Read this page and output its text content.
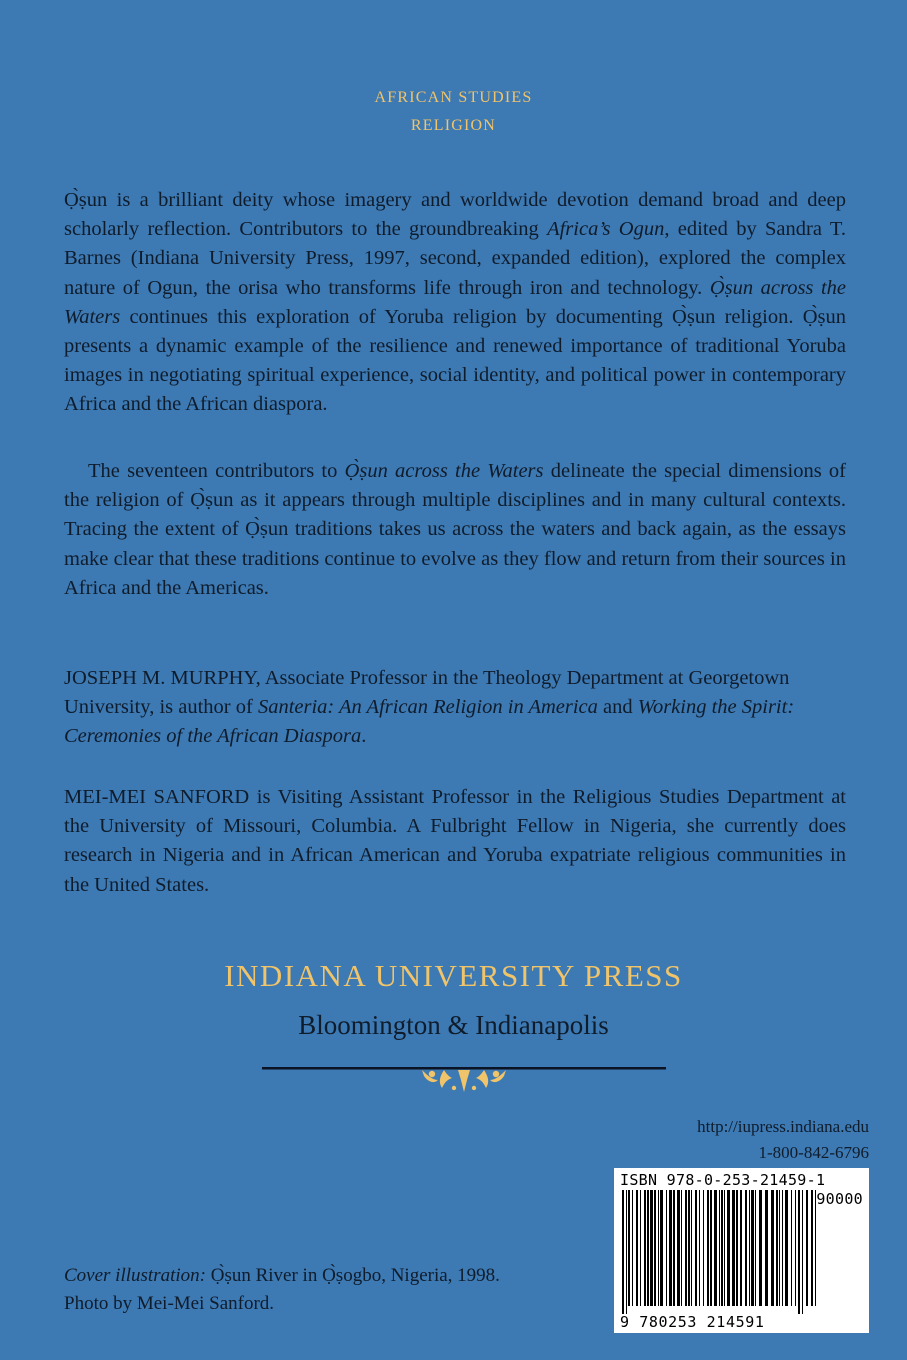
AFRICAN STUDIES
RELIGION

Ọ̀ṣun is a brilliant deity whose imagery and worldwide devotion demand broad and deep scholarly reflection. Contributors to the groundbreaking Africa’s Ogun, edited by Sandra T. Barnes (Indiana University Press, 1997, second, expanded edition), explored the complex nature of Ogun, the orisa who transforms life through iron and technology. Ọ̀ṣun across the Waters continues this exploration of Yoruba religion by documenting Ọ̀ṣun religion. Ọ̀ṣun presents a dynamic example of the resilience and renewed importance of traditional Yoruba images in negotiating spiritual experience, social identity, and political power in contemporary Africa and the African diaspora.

The seventeen contributors to Ọ̀ṣun across the Waters delineate the special dimensions of the religion of Ọ̀ṣun as it appears through multiple disciplines and in many cultural contexts. Tracing the extent of Ọ̀ṣun traditions takes us across the waters and back again, as the essays make clear that these traditions continue to evolve as they flow and return from their sources in Africa and the Americas.

JOSEPH M. MURPHY, Associate Professor in the Theology Department at Georgetown University, is author of Santeria: An African Religion in America and Working the Spirit: Ceremonies of the African Diaspora.

MEI-MEI SANFORD is Visiting Assistant Professor in the Religious Studies Department at the University of Missouri, Columbia. A Fulbright Fellow in Nigeria, she currently does research in Nigeria and in African American and Yoruba expatriate religious communities in the United States.

INDIANA UNIVERSITY PRESS
Bloomington & Indianapolis
http://iupress.indiana.edu
1-800-842-6796
ISBN 978-0-253-21459-1
90000
9 780253 214591
Cover illustration: Ọ̀ṣun River in Ọ̀ṣogbo, Nigeria, 1998. Photo by Mei-Mei Sanford.
